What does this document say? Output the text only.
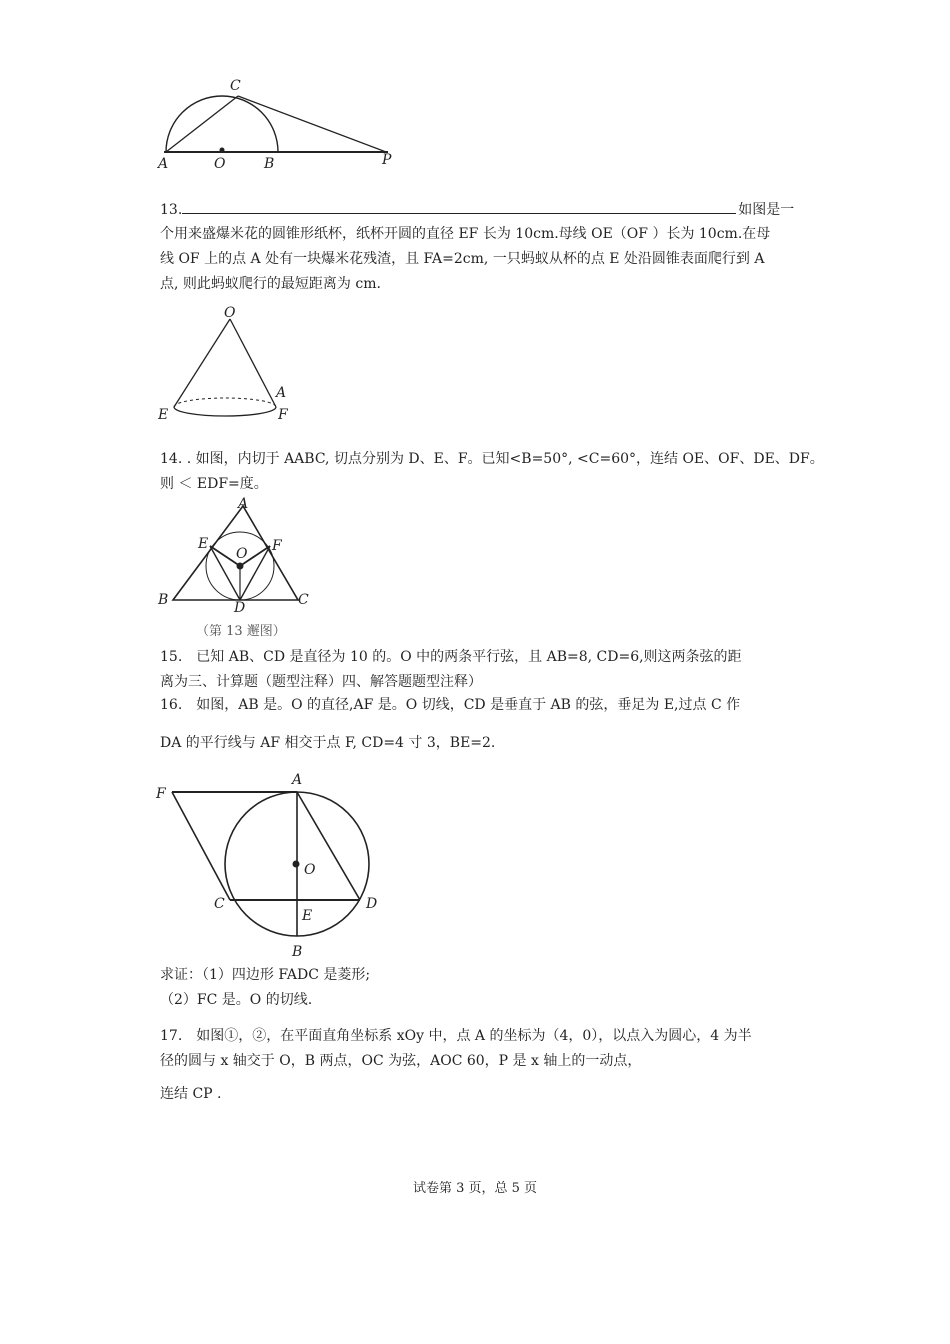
C
A	O	B	P
13.	如图是一
个用来盛爆米花的圆锥形纸杯，纸杯开圆的直径 EF 长为 10cm.母线 OE（OF ）长为 10cm.在母
线 OF 上的点 A 处有一块爆米花残渣，且 FA=2cm, 一只蚂蚁从杯的点 E 处沿圆锥表面爬行到 A
点, 则此蚂蚁爬行的最短距离为 cm.
O
A
E	F
14. . 如图，内切于 AABC, 切点分别为 D、E、F。已知<B=50°, <C=60°，连结 OE、OF、DE、DF。
则 ＜ EDF=度。
A
E
O F
B	D	C
（第 13 邂图）
15.　已知 AB、CD 是直径为 10 的。O 中的两条平行弦，且 AB=8, CD=6,则这两条弦的距
离为三、计算题（题型注释）四、解答题题型注释）
16.　如图，AB 是。O 的直径,AF 是。O 切线，CD 是垂直于 AB 的弦，垂足为 E,过点 C 作
DA 的平行线与 AF 相交于点 F, CD=4 寸 3，BE=2.
F
A
O
C
E
D
B
求证：（1）四边形 FADC 是菱形;
（2）FC 是。O 的切线.
17.　如图①，②，在平面直角坐标系 xOy 中，点 A 的坐标为（4，0），以点入为圆心，4 为半
径的圆与 x 轴交于 O，B 两点，OC 为弦，AOC 60，P 是 x 轴上的一动点，
连结 CP .
试卷第 3 页，总 5 页
